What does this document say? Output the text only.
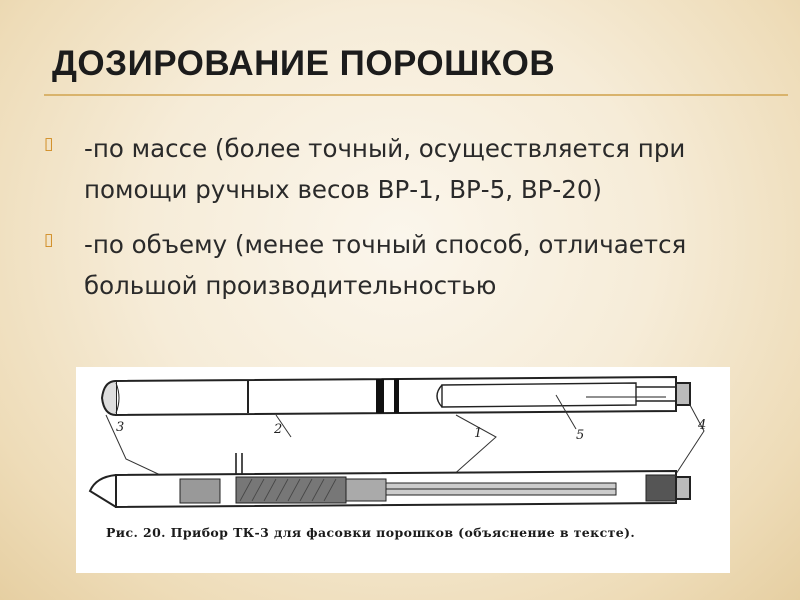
ДОЗИРОВАНИЕ ПОРОШКОВ
▯ -по массе (более точный, осуществляется при помощи ручных весов ВР-1, ВР-5, ВР-20)
▯ -по объему (менее точный способ, отличается большой производительностью
3	2	1	5
4
Рис. 20. Прибор ТК-3 для фасовки порошков (объяснение в тексте).
